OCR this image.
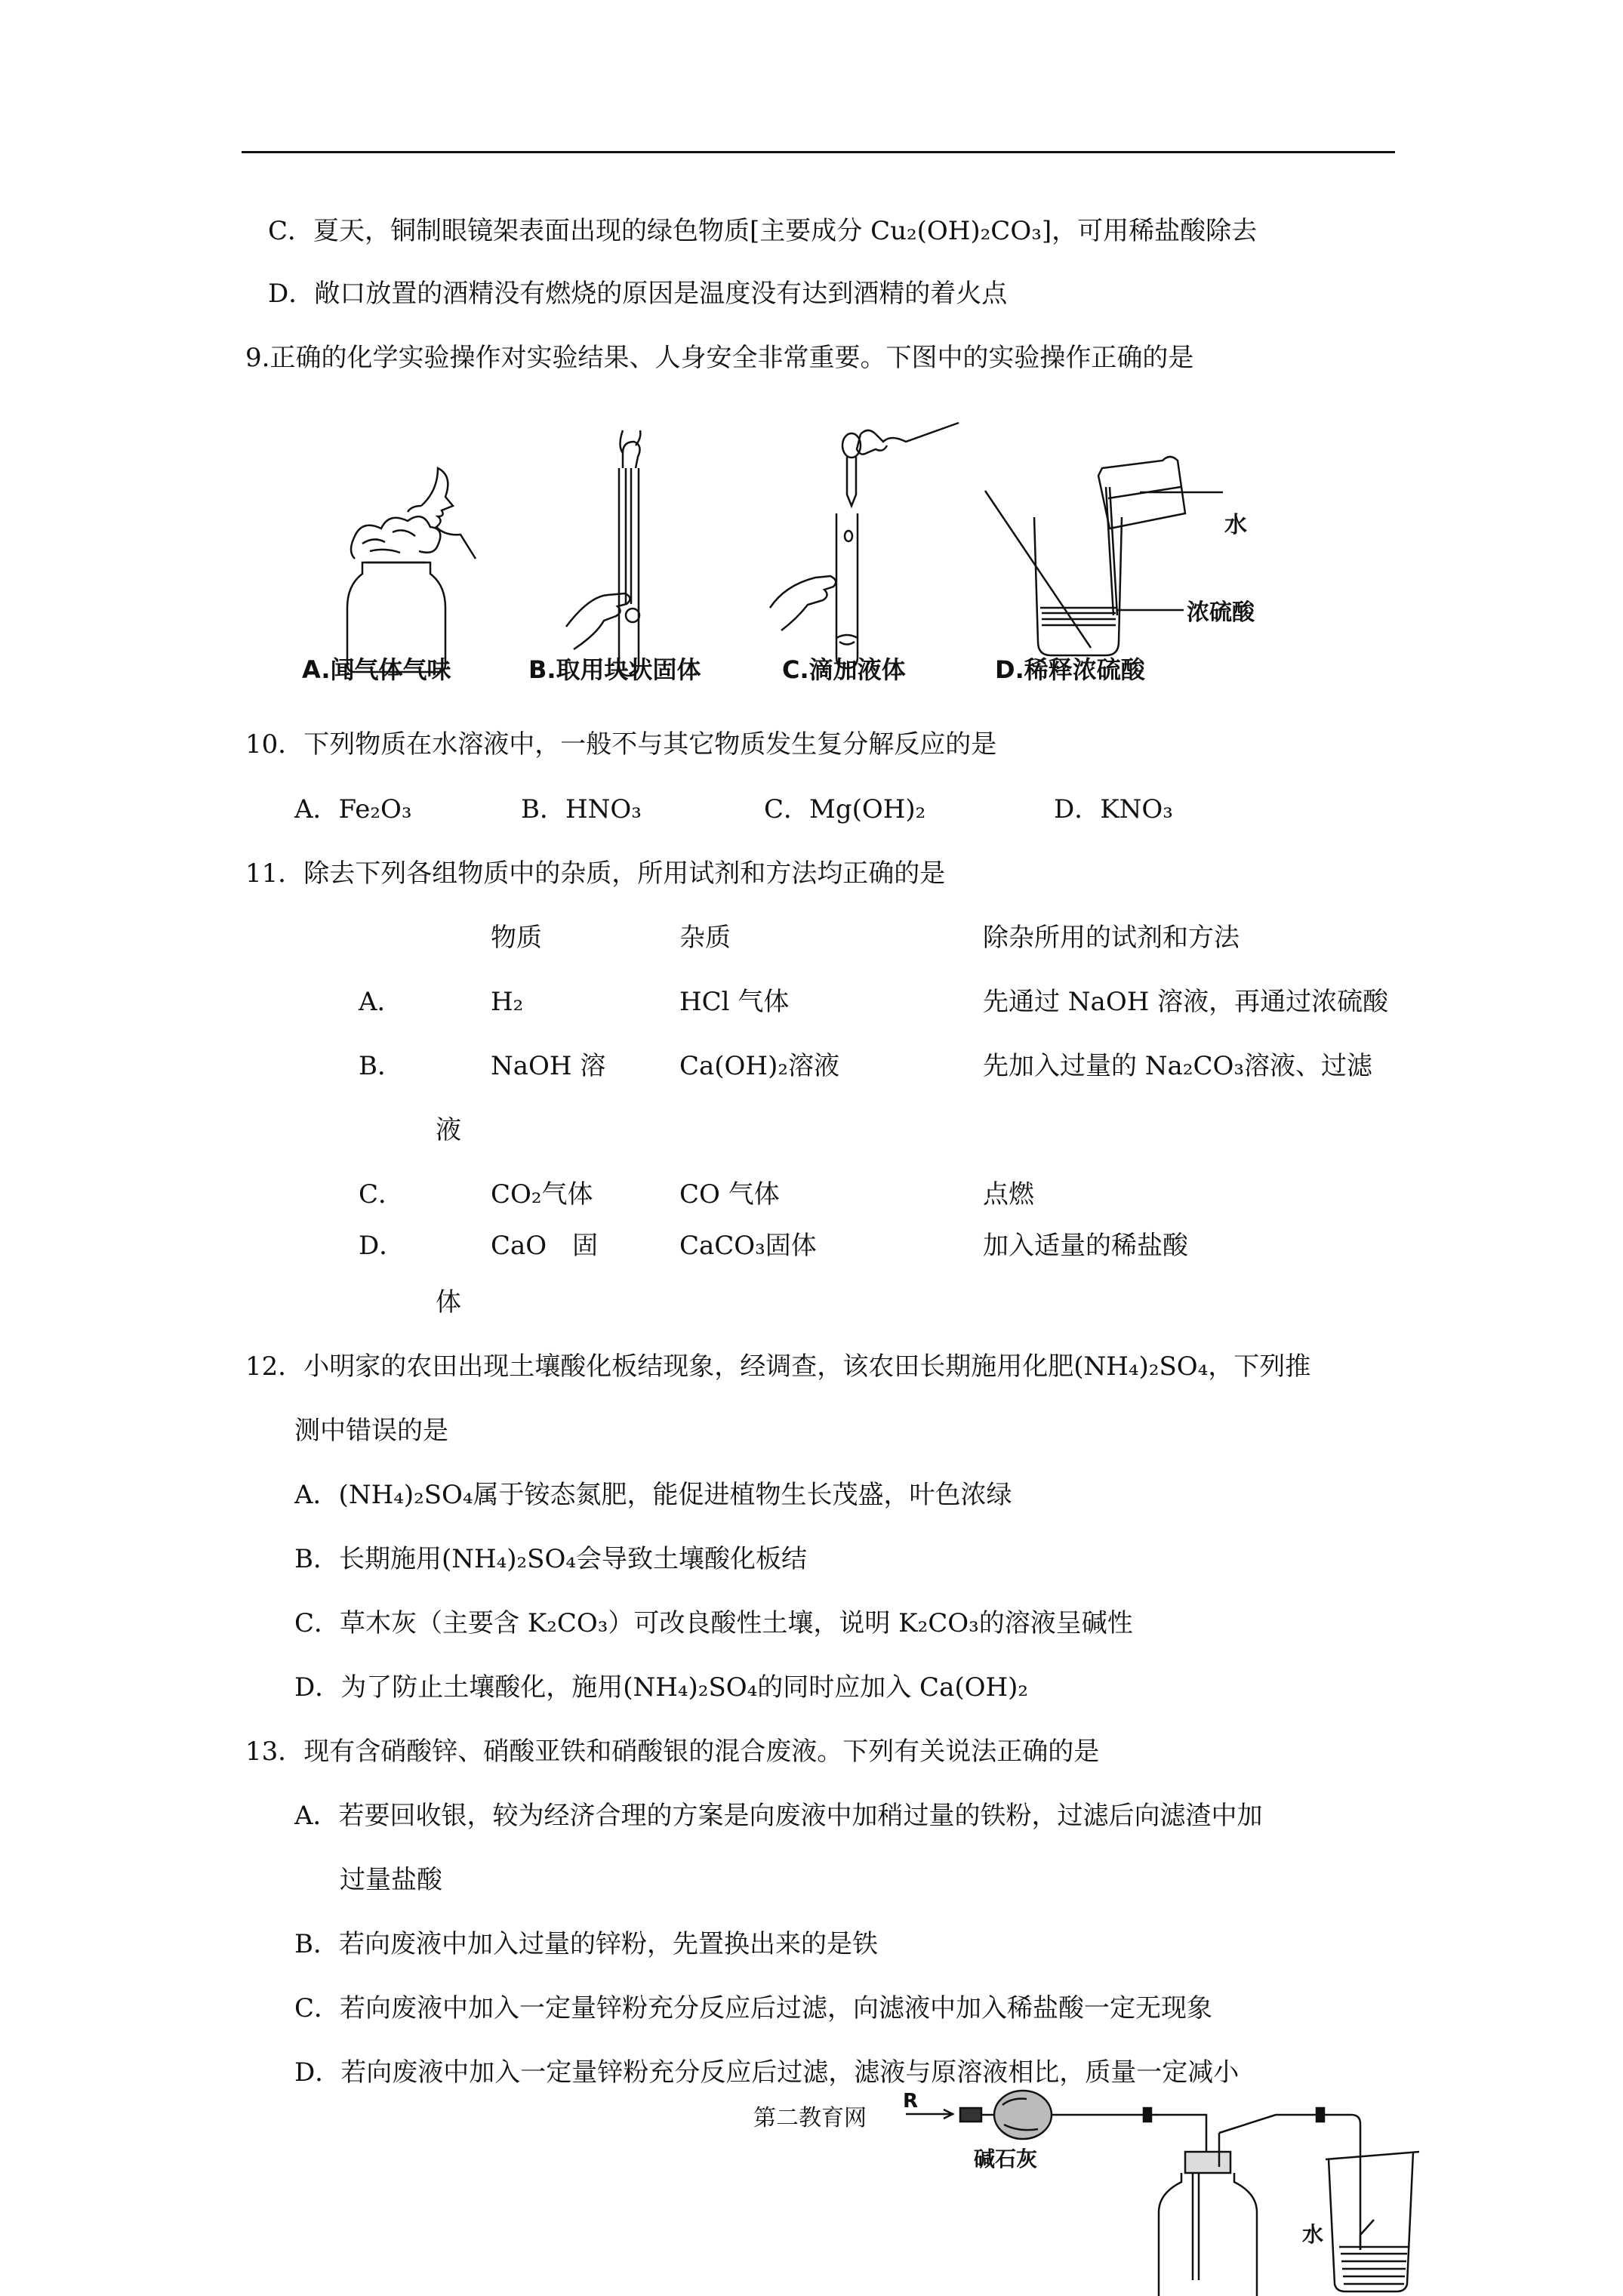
C．夏天，铜制眼镜架表面出现的绿色物质[主要成分 Cu₂(OH)₂CO₃]，可用稀盐酸除去
D．敞口放置的酒精没有燃烧的原因是温度没有达到酒精的着火点
9.正确的化学实验操作对实验结果、人身安全非常重要。下图中的实验操作正确的是
水
浓硫酸
A.闻气体气味	B.取用块状固体	C.滴加液体	D.稀释浓硫酸
10．下列物质在水溶液中，一般不与其它物质发生复分解反应的是
A．Fe₂O₃	B．HNO₃	C．Mg(OH)₂	D．KNO₃
11．除去下列各组物质中的杂质，所用试剂和方法均正确的是
物质	杂质	除杂所用的试剂和方法
A．	H₂	HCl 气体	先通过 NaOH 溶液，再通过浓硫酸
B．	NaOH 溶	Ca(OH)₂溶液	先加入过量的 Na₂CO₃溶液、过滤
液
C．	CO₂气体	CO 气体	点燃
D．	CaO　固	CaCO₃固体	加入适量的稀盐酸
体
12．小明家的农田出现土壤酸化板结现象，经调查，该农田长期施用化肥(NH₄)₂SO₄，下列推
测中错误的是
A．(NH₄)₂SO₄属于铵态氮肥，能促进植物生长茂盛，叶色浓绿
B．长期施用(NH₄)₂SO₄会导致土壤酸化板结
C．草木灰（主要含 K₂CO₃）可改良酸性土壤，说明 K₂CO₃的溶液呈碱性
D．为了防止土壤酸化，施用(NH₄)₂SO₄的同时应加入 Ca(OH)₂
13．现有含硝酸锌、硝酸亚铁和硝酸银的混合废液。下列有关说法正确的是
A．若要回收银，较为经济合理的方案是向废液中加稍过量的铁粉，过滤后向滤渣中加
过量盐酸
B．若向废液中加入过量的锌粉，先置换出来的是铁
C．若向废液中加入一定量锌粉充分反应后过滤，向滤液中加入稀盐酸一定无现象
D．若向废液中加入一定量锌粉充分反应后过滤，滤液与原溶液相比，质量一定减小
第二教育网
R
碱石灰
水
